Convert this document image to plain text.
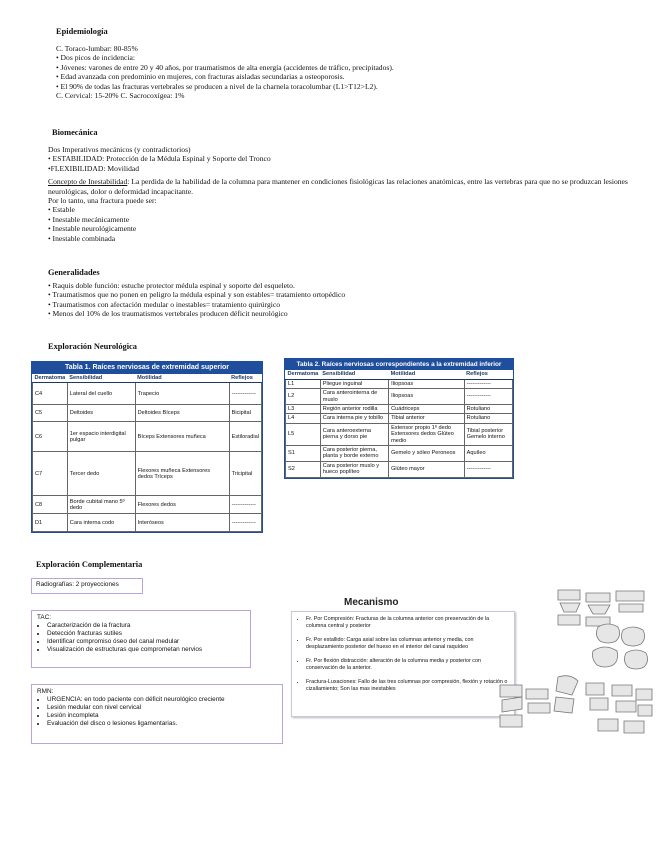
Epidemiología
C. Toraco-lumbar: 80-85%
• Dos picos de incidencia:
• Jóvenes: varones de entre 20 y 40 años, por traumatismos de alta energía (accidentes de tráfico, precipitados).
• Edad avanzada con predominio en mujeres, con fracturas aisladas secundarias a osteoporosis.
• El 90% de todas las fracturas vertebrales se producen a nivel de la charnela toracolumbar (L1>T12>L2).
C. Cervical: 15-20% C. Sacrocoxígea: 1%
Biomecánica
Dos Imperativos mecánicos (y contradictorios)
• ESTABILIDAD: Protección de la Médula Espinal y Soporte del Tronco
•FLEXIBILIDAD: Movilidad
Concepto de Inestabilidad: La perdida de la habilidad de la columna para mantener en condiciones fisiológicas las relaciones anatómicas, entre las vertebras para que no se produzcan lesiones neurológicas, dolor o deformidad incapacitante.
Por lo tanto, una fractura puede ser:
• Estable
• Inestable mecánicamente
• Inestable neurológicamente
• Inestable combinada
Generalidades
• Raquis doble función: estuche protector médula espinal y soporte del esqueleto.
• Traumatismos que no ponen en peligro la médula espinal y son estables= tratamiento ortopédico
• Traumatismos con afectación medular o inestables= tratamiento quirúrgico
• Menos del 10% de los traumatismos vertebrales producen déficit neurológico
Exploración Neurológica
Tabla 1. Raíces nerviosas de extremidad superior
Dermatoma	Sensibilidad	Motilidad	Reflejos
C4	Lateral del cuello	Trapecio	-------------
C5	Deltoides	Deltoides Bíceps	Bicipital
C6	1er espacio interdigital pulgar	Bíceps Extensores muñeca	Estiloradial
C7	Tercer dedo	Flexores muñeca Extensores dedos Tríceps	Tricipital
C8	Borde cubital mano 5º dedo	Flexores dedos	-------------
D1	Cara interna codo	Interóseos	-------------
Tabla 2. Raíces nerviosas correspondientes a la extremidad inferior
Dermatoma	Sensibilidad	Motilidad	Reflejos
L1	Pliegue inguinal	Iliopsoas	-------------
L2	Cara anterointerna de muslo	Iliopsoas	-------------
L3	Región anterior rodilla	Cuádriceps	Rotuliano
L4	Cara interna pie y tobillo	Tibial anterior	Rotuliano
L5	Cara anteroexterna pierna y dorso pie	Extensor propio 1º dedo Extensores dedos Glúteo medio	Tibial posterior Gemelo interno
S1	Cara posterior pierna, planta y borde externo	Gemelo y sóleo Peroneos	Aquíleo
S2	Cara posterior muslo y hueco poplíteo	Glúteo mayor	-------------
Exploración Complementaria
Radiografías: 2 proyecciones
TAC:
• Caracterización de la fractura
• Detección fracturas sutiles
• Identificar compromiso óseo del canal medular
• Visualización de estructuras que comprometan nervios
RMN:
• URGENCIA: en todo paciente con déficit neurológico creciente
• Lesión medular con nivel cervical
• Lesión incompleta
• Evaluación del disco o lesiones ligamentarias.
Mecanismo
• Fr. Por Compresión: Fracturas de la columna anterior con preservación de la columna central y posterior
• Fr. Por estallido: Carga axial sobre las columnas anterior y media, con desplazamiento posterior del hueso en el interior del canal raquídeo
• Fr. Por flexión distracción: alteración de la columna media y posterior con conservación de la anterior.
• Fractura-Luxaciones: Fallo de las tres columnas por compresión, flexión y rotación o cizallamiento; Son las mas inestables
